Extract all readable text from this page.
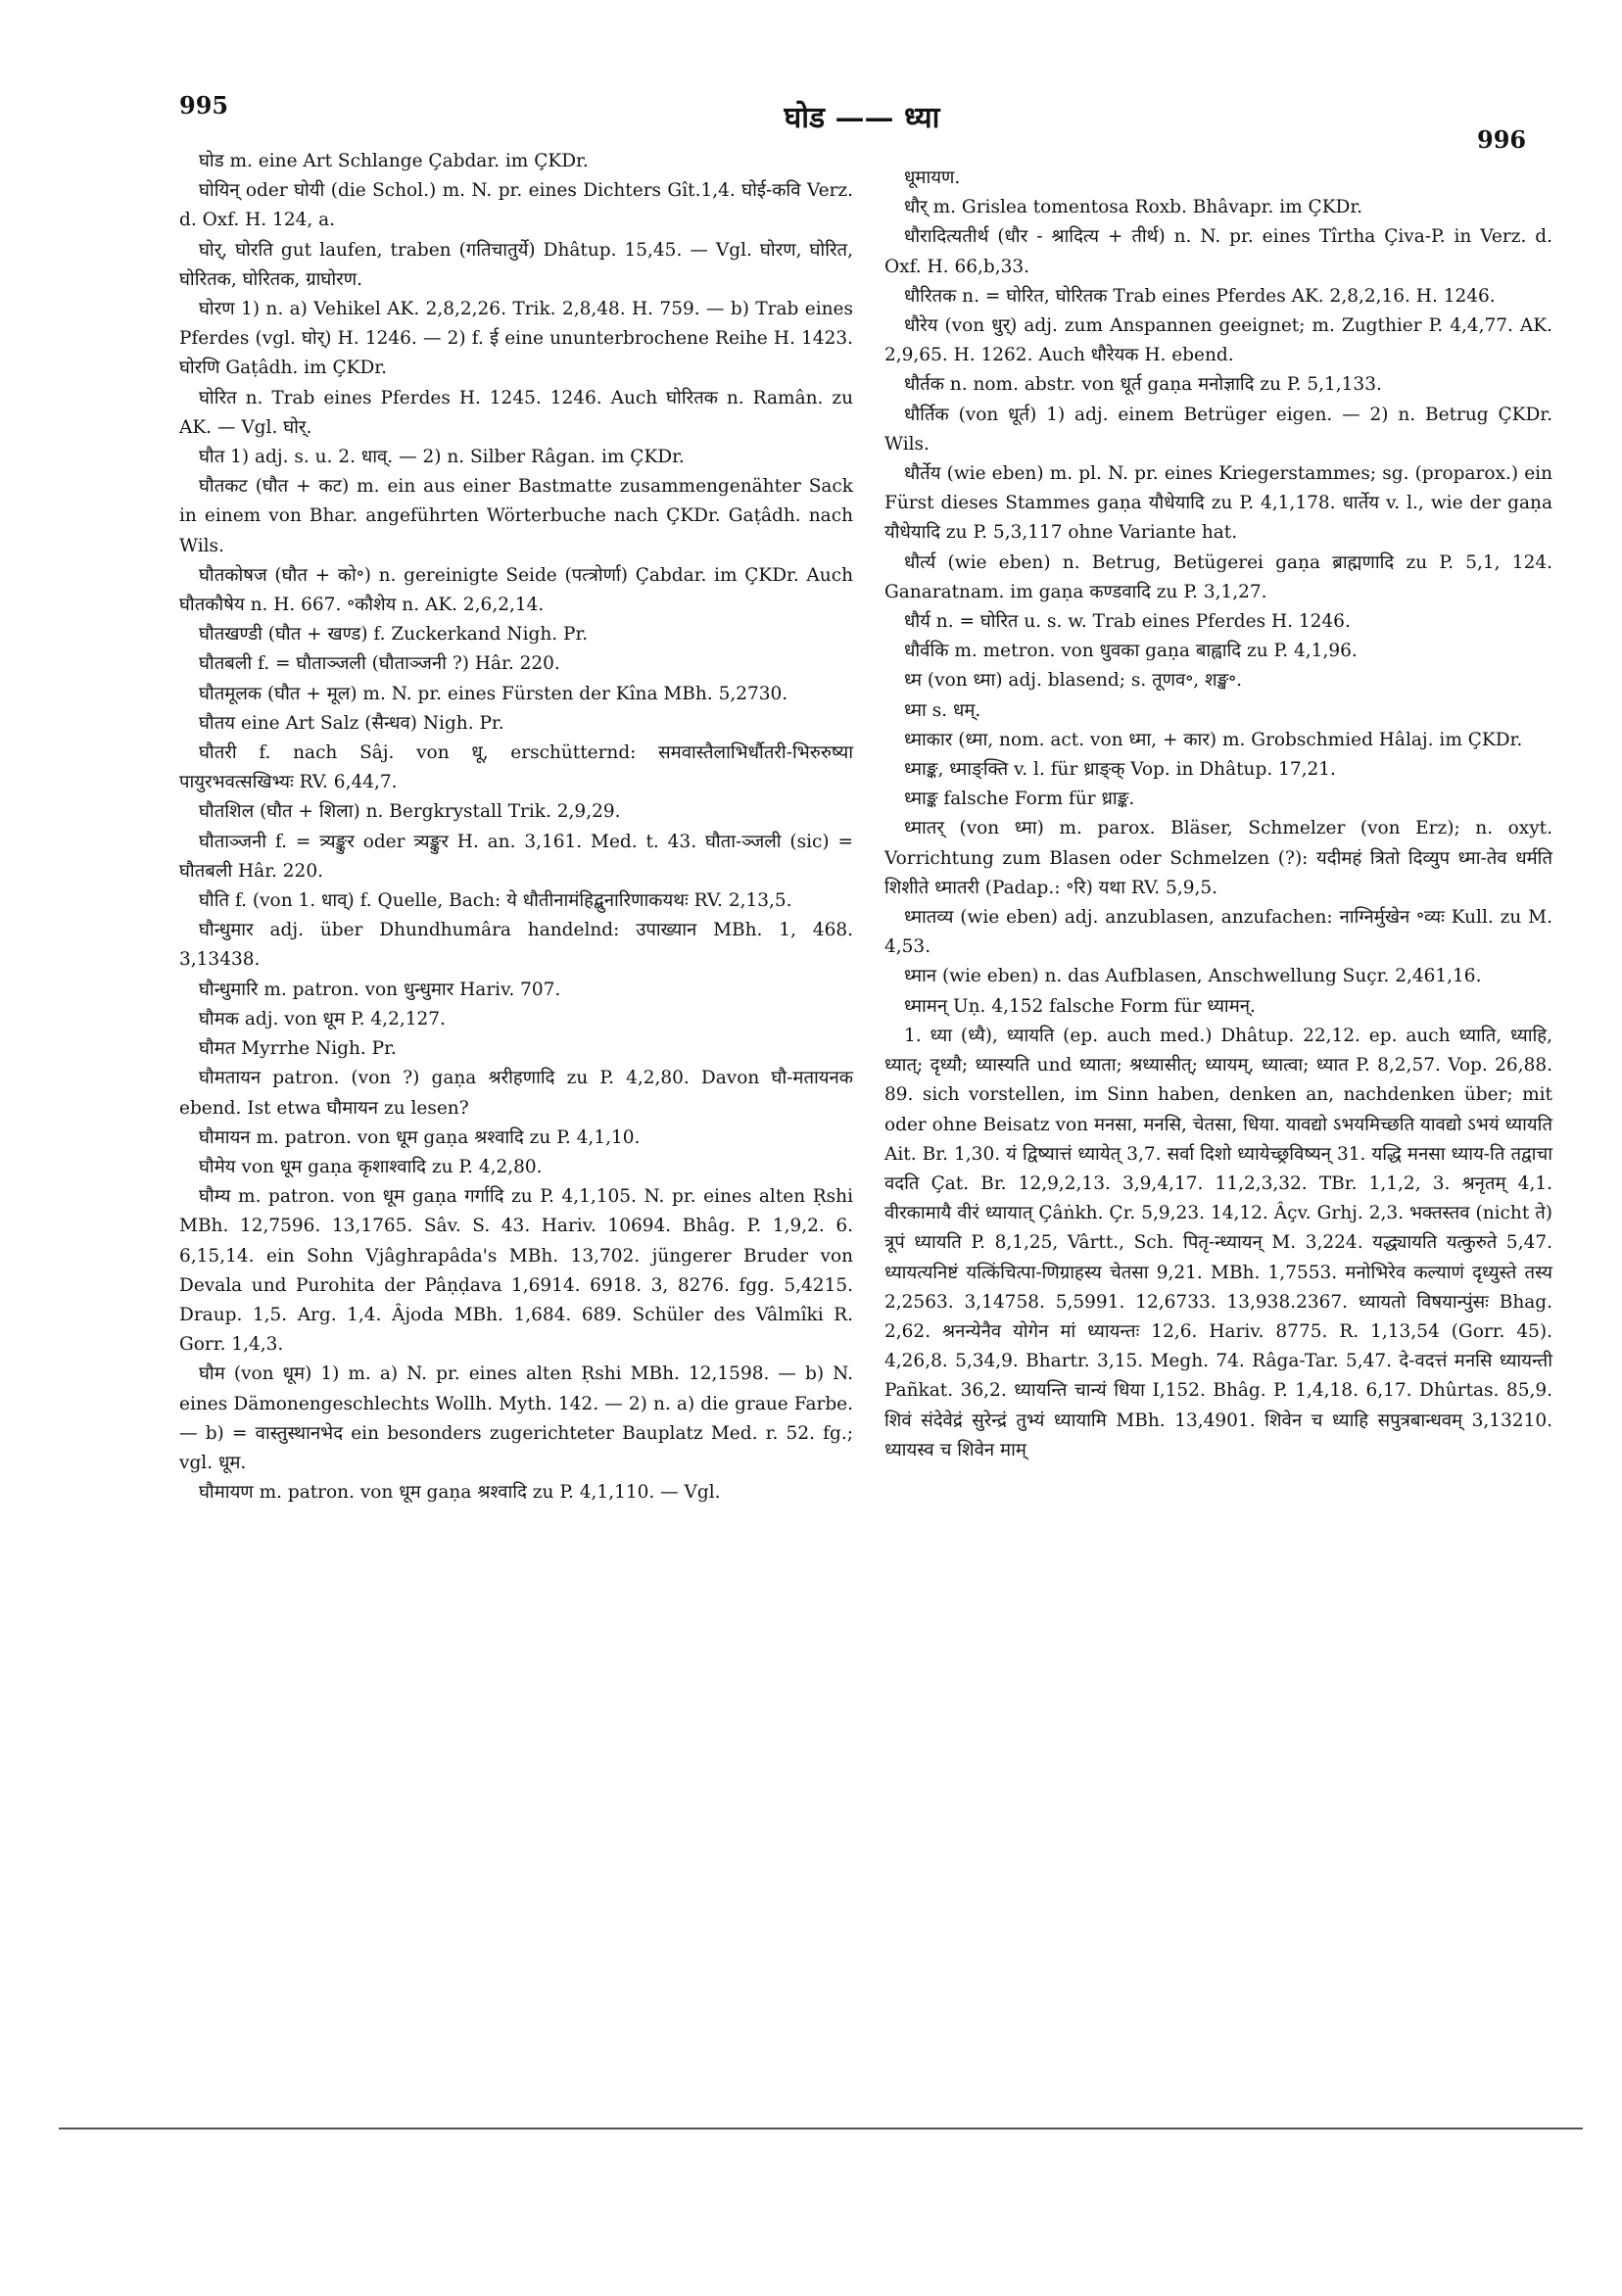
995	घोड —— ध्या
996

घोड m. eine Art Schlange Çabdar. im ÇKDr.

घोयिन् oder घोयी (die Schol.) m. N. pr. eines Dichters Gît.1,4. घोई-कवि Verz. d. Oxf. H. 124, a.

घोर्, घोरति gut laufen, traben (गतिचातुर्ये) Dhâtup. 15,45. — Vgl. घोरण, घोरित, घोरितक, घोरितक, ग्राघोरण.

घोरण 1) n. a) Vehikel AK. 2,8,2,26. Trik. 2,8,48. H. 759. — b) Trab eines Pferdes (vgl. घोर्) H. 1246. — 2) f. ई eine ununterbrochene Reihe H. 1423. घोरणि Gaṭâdh. im ÇKDr.

घोरित n. Trab eines Pferdes H. 1245. 1246. Auch घोरितक n. Ramân. zu AK. — Vgl. घोर्.

घौत 1) adj. s. u. 2. धाव्. — 2) n. Silber Râgan. im ÇKDr.

घौतकट (घौत + कट) m. ein aus einer Bastmatte zusammengenähter Sack in einem von Bhar. angeführten Wörterbuche nach ÇKDr. Gaṭâdh. nach Wils.

घौतकोषज (घौत + को॰) n. gereinigte Seide (पत्त्रोर्णा) Çabdar. im ÇKDr. Auch घौतकौषेय n. H. 667. ॰कौशेय n. AK. 2,6,2,14.

घौतखण्डी (घौत + खण्ड) f. Zuckerkand Nigh. Pr.

घौतबली f. = घौताञ्जली (घौताञ्जनी ?) Hâr. 220.

घौतमूलक (घौत + मूल) m. N. pr. eines Fürsten der Kîna MBh. 5,2730.

घौतय eine Art Salz (सैन्धव) Nigh. Pr.

घौतरी f. nach Sâj. von धू, erschütternd: समवास्तैलाभिर्धौतरी-भिरुरुष्या पायुरभवत्सखिभ्यः RV. 6,44,7.

घौतशिल (घौत + शिला) n. Bergkrystall Trik. 2,9,29.

घौताञ्जनी f. = त्र्यङ्कुर oder त्र्यङ्कुर H. an. 3,161. Med. t. 43. घौता-ञ्जली (sic) = घौतबली Hâr. 220.

घौति f. (von 1. धाव्) f. Quelle, Bach: ये धौतीनामंहिद्बुनारिणाकयथः RV. 2,13,5.

घौन्धुमार adj. über Dhundhumâra handelnd: उपाख्यान MBh. 1, 468. 3,13438.

घौन्धुमारि m. patron. von धुन्धुमार Hariv. 707.

घौमक adj. von धूम P. 4,2,127.

घौमत Myrrhe Nigh. Pr.

घौमतायन patron. (von ?) gaṇa श्ररीहणादि zu P. 4,2,80. Davon घौ-मतायनक ebend. Ist etwa घौमायन zu lesen?

घौमायन m. patron. von धूम gaṇa श्रश्वादि zu P. 4,1,10.

घौमेय von धूम gaṇa कृशाश्वादि zu P. 4,2,80.

घौम्य m. patron. von धूम gaṇa गर्गादि zu P. 4,1,105. N. pr. eines alten Ṛshi MBh. 12,7596. 13,1765. Sâv. S. 43. Hariv. 10694. Bhâg. P. 1,9,2. 6. 6,15,14. ein Sohn Vjâghrapâda's MBh. 13,702. jüngerer Bruder von Devala und Purohita der Pâṇḍava 1,6914. 6918. 3, 8276. fgg. 5,4215. Draup. 1,5. Arg. 1,4. Âjoda MBh. 1,684. 689. Schüler des Vâlmîki R. Gorr. 1,4,3.

घौम (von धूम) 1) m. a) N. pr. eines alten Ṛshi MBh. 12,1598. — b) N. eines Dämonengeschlechts Wollh. Myth. 142. — 2) n. a) die graue Farbe. — b) = वास्तुस्थानभेद ein besonders zugerichteter Bauplatz Med. r. 52. fg.; vgl. धूम.

घौमायण m. patron. von धूम gaṇa श्रश्वादि zu P. 4,1,110. — Vgl.

धूमायण.

धौर् m. Grislea tomentosa Roxb. Bhâvapr. im ÇKDr.

धौरादित्यतीर्थ (धौर - श्रादित्य + तीर्थ) n. N. pr. eines Tîrtha Çiva-P. in Verz. d. Oxf. H. 66,b,33.

धौरितक n. = घोरित, घोरितक Trab eines Pferdes AK. 2,8,2,16. H. 1246.

धौरेय (von धुर्) adj. zum Anspannen geeignet; m. Zugthier P. 4,4,77. AK. 2,9,65. H. 1262. Auch धौरेयक H. ebend.

धौर्तक n. nom. abstr. von धूर्त gaṇa मनोज्ञादि zu P. 5,1,133.

धौर्तिक (von धूर्त) 1) adj. einem Betrüger eigen. — 2) n. Betrug ÇKDr. Wils.

धौर्तेय (wie eben) m. pl. N. pr. eines Kriegerstammes; sg. (proparox.) ein Fürst dieses Stammes gaṇa यौधेयादि zu P. 4,1,178. धार्तेय v. l., wie der gaṇa यौधेयादि zu P. 5,3,117 ohne Variante hat.

धौर्त्य (wie eben) n. Betrug, Betügerei gaṇa ब्राह्मणादि zu P. 5,1, 124. Ganaratnam. im gaṇa कण्डवादि zu P. 3,1,27.

धौर्य n. = घोरित u. s. w. Trab eines Pferdes H. 1246.

धौर्वकि m. metron. von धुवका gaṇa बाह्वादि zu P. 4,1,96.

ध्म (von ध्मा) adj. blasend; s. तूणव॰, शङ्ख॰.

ध्मा s. धम्.

ध्माकार (ध्मा, nom. act. von ध्मा, + कार) m. Grobschmied Hâlaj. im ÇKDr.

ध्माङ्क, ध्माङ्क्ति v. l. für ध्राङ्क् Vop. in Dhâtup. 17,21.

ध्माङ्क falsche Form für ध्राङ्क.

ध्मातर् (von ध्मा) m. parox. Bläser, Schmelzer (von Erz); n. oxyt. Vorrichtung zum Blasen oder Schmelzen (?): यदीमहं त्रितो दिव्युप ध्मा-तेव धर्मति शिशीते ध्मातरी (Padap.: ॰रि) यथा RV. 5,9,5.

ध्मातव्य (wie eben) adj. anzublasen, anzufachen: नाग्निर्मुखेन ॰व्यः Kull. zu M. 4,53.

ध्मान (wie eben) n. das Aufblasen, Anschwellung Suçr. 2,461,16.

ध्मामन् Uṇ. 4,152 falsche Form für ध्यामन्.

1. ध्या (ध्यै), ध्यायति (ep. auch med.) Dhâtup. 22,12. ep. auch ध्याति, ध्याहि, ध्यात्; दृध्यौ; ध्यास्यति und ध्याता; श्रध्यासीत्; ध्यायम्, ध्यात्वा; ध्यात P. 8,2,57. Vop. 26,88. 89. sich vorstellen, im Sinn haben, denken an, nachdenken über; mit oder ohne Beisatz von मनसा, मनसि, चेतसा, धिया. यावद्यो ऽभयमिच्छति यावद्यो ऽभयं ध्यायति Ait. Br. 1,30. यं द्विष्यात्तं ध्यायेत् 3,7. सर्वा दिशो ध्यायेच्छ्रविष्यन् 31. यद्धि मनसा ध्याय-ति तद्वाचा वदति Çat. Br. 12,9,2,13. 3,9,4,17. 11,2,3,32. TBr. 1,1,2, 3. श्रनृतम् 4,1. वीरकामायै वीरं ध्यायात् Çâṅkh. Çr. 5,9,23. 14,12. Âçv. Grhj. 2,3. भक्तस्तव (nicht ते) त्रूपं ध्यायति P. 8,1,25, Vârtt., Sch. पितृ-न्ध्यायन् M. 3,224. यद्ध्यायति यत्कुरुते 5,47. ध्यायत्यनिष्टं यत्किंचित्पा-णिग्राहस्य चेतसा 9,21. MBh. 1,7553. मनोभिरेव कल्याणं दृध्युस्ते तस्य 2,2563. 3,14758. 5,5991. 12,6733. 13,938.2367. ध्यायतो विषयान्पुंसः Bhag. 2,62. श्रनन्येनैव योगेन मां ध्यायन्तः 12,6. Hariv. 8775. R. 1,13,54 (Gorr. 45). 4,26,8. 5,34,9. Bhartr. 3,15. Megh. 74. Râga-Tar. 5,47. दे-वदत्तं मनसि ध्यायन्ती Pañkat. 36,2. ध्यायन्ति चान्यं धिया I,152. Bhâg. P. 1,4,18. 6,17. Dhûrtas. 85,9. शिवं संदेवेद्रं सुरेन्द्रं तुभ्यं ध्यायामि MBh. 13,4901. शिवेन च ध्याहि सपुत्रबान्धवम् 3,13210. ध्यायस्व च शिवेन माम्
